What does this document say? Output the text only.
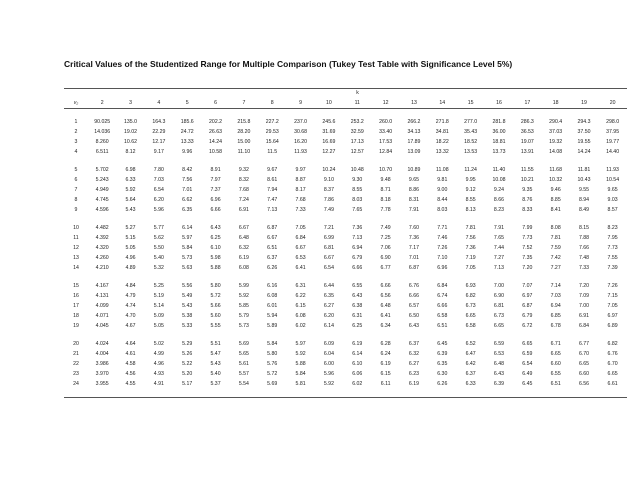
Critical Values of the Studentized Range for Multiple Comparison (Tukey Test Table with Significance Level 5%)
	k																		
v₂	2	3	4	5	6	7	8	9	10	11	12	13	14	15	16	17	18	19	20

1	90.025	135.0	164.3	185.6	202.2	215.8	227.2	237.0	245.6	253.2	260.0	266.2	271.8	277.0	281.8	286.3	290.4	294.3	298.0
2	14.036	19.02	22.29	24.72	26.63	28.20	29.53	30.68	31.69	32.59	33.40	34.13	34.81	35.43	36.00	36.53	37.03	37.50	37.95
3	8.260	10.62	12.17	13.33	14.24	15.00	15.64	16.20	16.69	17.13	17.53	17.89	18.22	18.52	18.81	19.07	19.32	19.55	19.77
4	6.511	8.12	9.17	9.96	10.58	11.10	11.5	11.93	12.27	12.57	12.84	13.09	13.32	13.53	13.73	13.91	14.08	14.24	14.40

5	5.702	6.98	7.80	8.42	8.91	9.32	9.67	9.97	10.24	10.48	10.70	10.89	11.08	11.24	11.40	11.55	11.68	11.81	11.93
6	5.243	6.33	7.03	7.56	7.97	8.32	8.61	8.87	9.10	9.30	9.48	9.65	9.81	9.95	10.08	10.21	10.32	10.43	10.54
7	4.949	5.92	6.54	7.01	7.37	7.68	7.94	8.17	8.37	8.55	8.71	8.86	9.00	9.12	9.24	9.35	9.46	9.55	9.65
8	4.745	5.64	6.20	6.62	6.96	7.24	7.47	7.68	7.86	8.03	8.18	8.31	8.44	8.55	8.66	8.76	8.85	8.94	9.03
9	4.596	5.43	5.96	6.35	6.66	6.91	7.13	7.33	7.49	7.65	7.78	7.91	8.03	8.13	8.23	8.33	8.41	8.49	8.57

10	4.482	5.27	5.77	6.14	6.43	6.67	6.87	7.05	7.21	7.36	7.49	7.60	7.71	7.81	7.91	7.99	8.08	8.15	8.23
11	4.392	5.15	5.62	5.97	6.25	6.48	6.67	6.84	6.99	7.13	7.25	7.36	7.46	7.56	7.65	7.73	7.81	7.88	7.95
12	4.320	5.05	5.50	5.84	6.10	6.32	6.51	6.67	6.81	6.94	7.06	7.17	7.26	7.36	7.44	7.52	7.59	7.66	7.73
13	4.260	4.96	5.40	5.73	5.98	6.19	6.37	6.53	6.67	6.79	6.90	7.01	7.10	7.19	7.27	7.35	7.42	7.48	7.55
14	4.210	4.89	5.32	5.63	5.88	6.08	6.26	6.41	6.54	6.66	6.77	6.87	6.96	7.05	7.13	7.20	7.27	7.33	7.39

15	4.167	4.84	5.25	5.56	5.80	5.99	6.16	6.31	6.44	6.55	6.66	6.76	6.84	6.93	7.00	7.07	7.14	7.20	7.26
16	4.131	4.79	5.19	5.49	5.72	5.92	6.08	6.22	6.35	6.43	6.56	6.66	6.74	6.82	6.90	6.97	7.03	7.09	7.15
17	4.099	4.74	5.14	5.43	5.66	5.85	6.01	6.15	6.27	6.38	6.48	6.57	6.66	6.73	6.81	6.87	6.94	7.00	7.05
18	4.071	4.70	5.09	5.38	5.60	5.79	5.94	6.08	6.20	6.31	6.41	6.50	6.58	6.65	6.73	6.79	6.85	6.91	6.97
19	4.045	4.67	5.05	5.33	5.55	5.73	5.89	6.02	6.14	6.25	6.34	6.43	6.51	6.58	6.65	6.72	6.78	6.84	6.89

20	4.024	4.64	5.02	5.29	5.51	5.69	5.84	5.97	6.09	6.19	6.28	6.37	6.45	6.52	6.59	6.65	6.71	6.77	6.82
21	4.004	4.61	4.99	5.26	5.47	5.65	5.80	5.92	6.04	6.14	6.24	6.32	6.39	6.47	6.53	6.59	6.65	6.70	6.76
22	3.986	4.58	4.96	5.22	5.43	5.61	5.76	5.88	6.00	6.10	6.19	6.27	6.35	6.42	6.48	6.54	6.60	6.65	6.70
23	3.970	4.56	4.93	5.20	5.40	5.57	5.72	5.84	5.96	6.06	6.15	6.23	6.30	6.37	6.43	6.49	6.55	6.60	6.65
24	3.955	4.55	4.91	5.17	5.37	5.54	5.69	5.81	5.92	6.02	6.11	6.19	6.26	6.33	6.39	6.45	6.51	6.56	6.61
